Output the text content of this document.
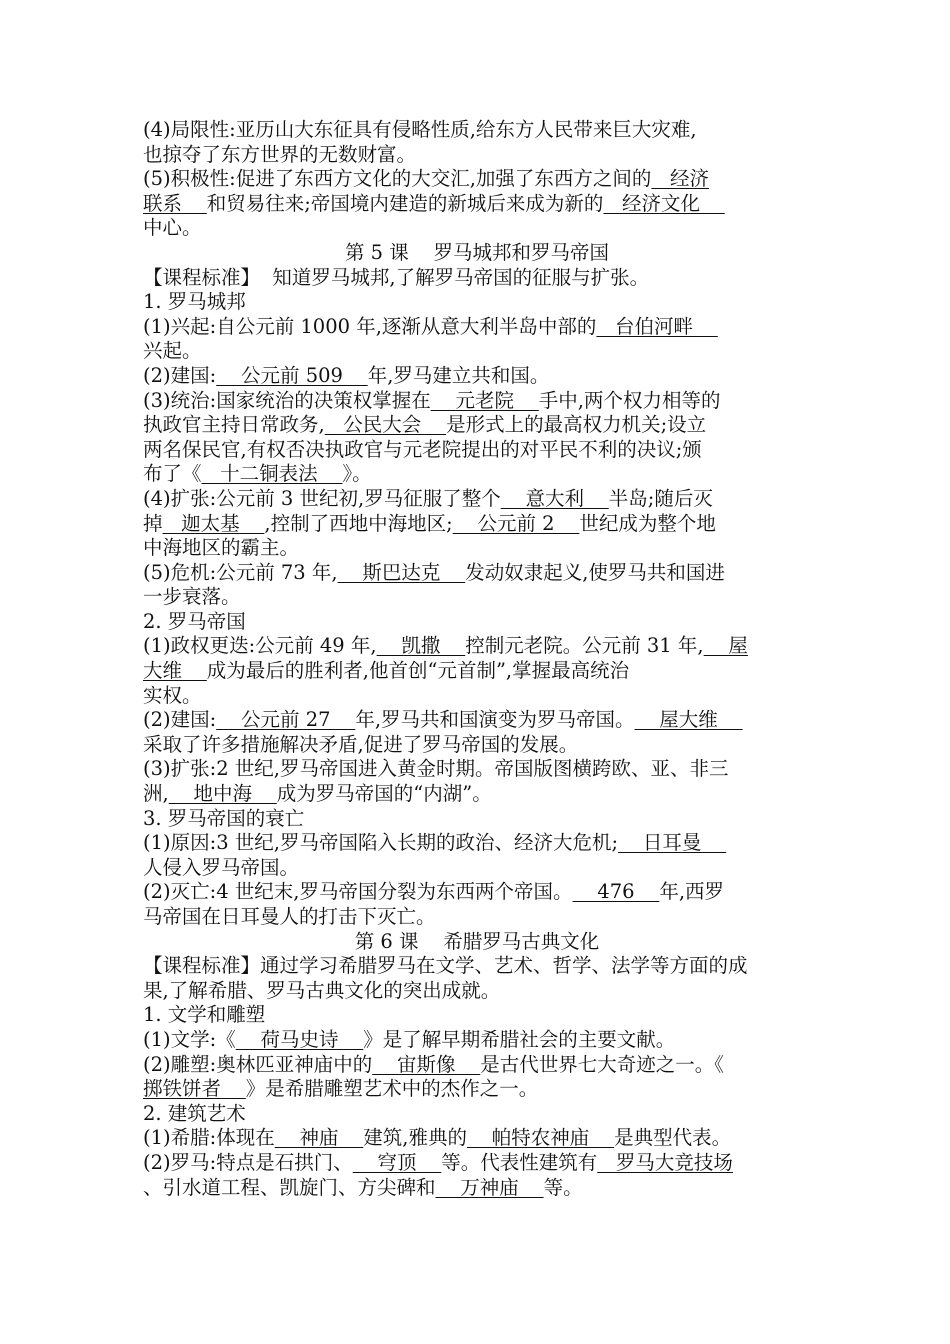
(4)局限性:亚历山大东征具有侵略性质,给东方人民带来巨大灾难,
也掠夺了东方世界的无数财富。
(5)积极性:促进了东西方文化的大交汇,加强了东西方之间的   经济
联系    和贸易往来;帝国境内建造的新城后来成为新的   经济文化
中心。
第 5 课    罗马城邦和罗马帝国
【课程标准】  知道罗马城邦,了解罗马帝国的征服与扩张。
1. 罗马城邦
(1)兴起:自公元前 1000 年,逐渐从意大利半岛中部的   台伯河畔
兴起。
(2)建国:    公元前 509    年,罗马建立共和国。
(3)统治:国家统治的决策权掌握在    元老院    手中,两个权力相等的
执政官主持日常政务,   公民大会    是形式上的最高权力机关;设立
两名保民官,有权否决执政官与元老院提出的对平民不利的决议;颁
布了《   十二铜表法    》。
(4)扩张:公元前 3 世纪初,罗马征服了整个    意大利    半岛;随后灭
掉   迦太基    ,控制了西地中海地区;    公元前 2    世纪成为整个地
中海地区的霸主。
(5)危机:公元前 73 年,    斯巴达克    发动奴隶起义,使罗马共和国进
一步衰落。
2. 罗马帝国
(1)政权更迭:公元前 49 年,    凯撒    控制元老院。公元前 31 年,    屋
大维    成为最后的胜利者,他首创“元首制”,掌握最高统治
实权。
(2)建国:    公元前 27    年,罗马共和国演变为罗马帝国。    屋大维
采取了许多措施解决矛盾,促进了罗马帝国的发展。
(3)扩张:2 世纪,罗马帝国进入黄金时期。帝国版图横跨欧、亚、非三
洲,    地中海    成为罗马帝国的“内湖”。
3. 罗马帝国的衰亡
(1)原因:3 世纪,罗马帝国陷入长期的政治、经济大危机;    日耳曼
人侵入罗马帝国。
(2)灭亡:4 世纪末,罗马帝国分裂为东西两个帝国。    476    年,西罗
马帝国在日耳曼人的打击下灭亡。
第 6 课    希腊罗马古典文化
【课程标准】通过学习希腊罗马在文学、艺术、哲学、法学等方面的成
果,了解希腊、罗马古典文化的突出成就。
1. 文学和雕塑
(1)文学:《    荷马史诗    》是了解早期希腊社会的主要文献。
(2)雕塑:奥林匹亚神庙中的    宙斯像    是古代世界七大奇迹之一。《
掷铁饼者    》是希腊雕塑艺术中的杰作之一。
2. 建筑艺术
(1)希腊:体现在    神庙    建筑,雅典的    帕特农神庙    是典型代表。
(2)罗马:特点是石拱门、    穹顶    等。代表性建筑有   罗马大竞技场
、引水道工程、凯旋门、方尖碑和    万神庙    等。
